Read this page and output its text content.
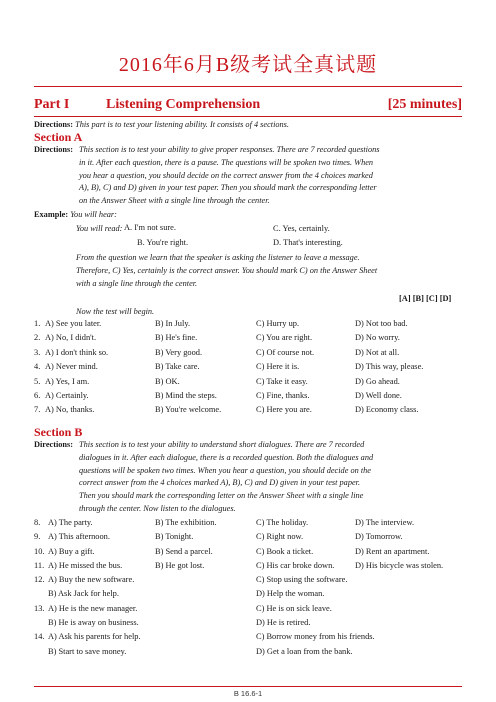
2016年6月B级考试全真试题
Part I	Listening Comprehension	[25 minutes]
Directions: This part is to test your listening ability. It consists of 4 sections.
Section A
Directions: This section is to test your ability to give proper responses. There are 7 recorded questions
in it. After each question, there is a pause. The questions will be spoken two times. When
you hear a question, you should decide on the correct answer from the 4 choices marked
A), B), C) and D) given in your test paper. Then you should mark the corresponding letter
on the Answer Sheet with a single line through the center.
Example: You will hear:
You will read: A. I'm not sure.	C. Yes, certainly.
B. You're right.	D. That's interesting.
From the question we learn that the speaker is asking the listener to leave a message.
Therefore, C) Yes, certainly is the correct answer. You should mark C) on the Answer Sheet
with a single line through the center.
[A] [B] [C] [D]
Now the test will begin.
1. A) See you later.	B) In July.	C) Hurry up.	D) Not too bad.
2. A) No, I didn't.	B) He's fine.	C) You are right.	D) No worry.
3. A) I don't think so.	B) Very good.	C) Of course not.	D) Not at all.
4. A) Never mind.	B) Take care.	C) Here it is.	D) This way, please.
5. A) Yes, I am.	B) OK.	C) Take it easy.	D) Go ahead.
6. A) Certainly.	B) Mind the steps.	C) Fine, thanks.	D) Well done.
7. A) No, thanks.	B) You're welcome.	C) Here you are.	D) Economy class.
Section B
Directions: This section is to test your ability to understand short dialogues. There are 7 recorded
dialogues in it. After each dialogue, there is a recorded question. Both the dialogues and
questions will be spoken two times. When you hear a question, you should decide on the
correct answer from the 4 choices marked A), B), C) and D) given in your test paper.
Then you should mark the corresponding letter on the Answer Sheet with a single line
through the center. Now listen to the dialogues.
8. A) The party.	B) The exhibition.	C) The holiday.	D) The interview.
9. A) This afternoon.	B) Tonight.	C) Right now.	D) Tomorrow.
10. A) Buy a gift.	B) Send a parcel.	C) Book a ticket.	D) Rent an apartment.
11. A) He missed the bus.	B) He got lost.	C) His car broke down. D) His bicycle was stolen.
12. A) Buy the new software.	C) Stop using the software.
B) Ask Jack for help.	D) Help the woman.
13. A) He is the new manager.	C) He is on sick leave.
B) He is away on business.	D) He is retired.
14. A) Ask his parents for help.	C) Borrow money from his friends.
B) Start to save money.	D) Get a loan from the bank.
B 16.6-1
